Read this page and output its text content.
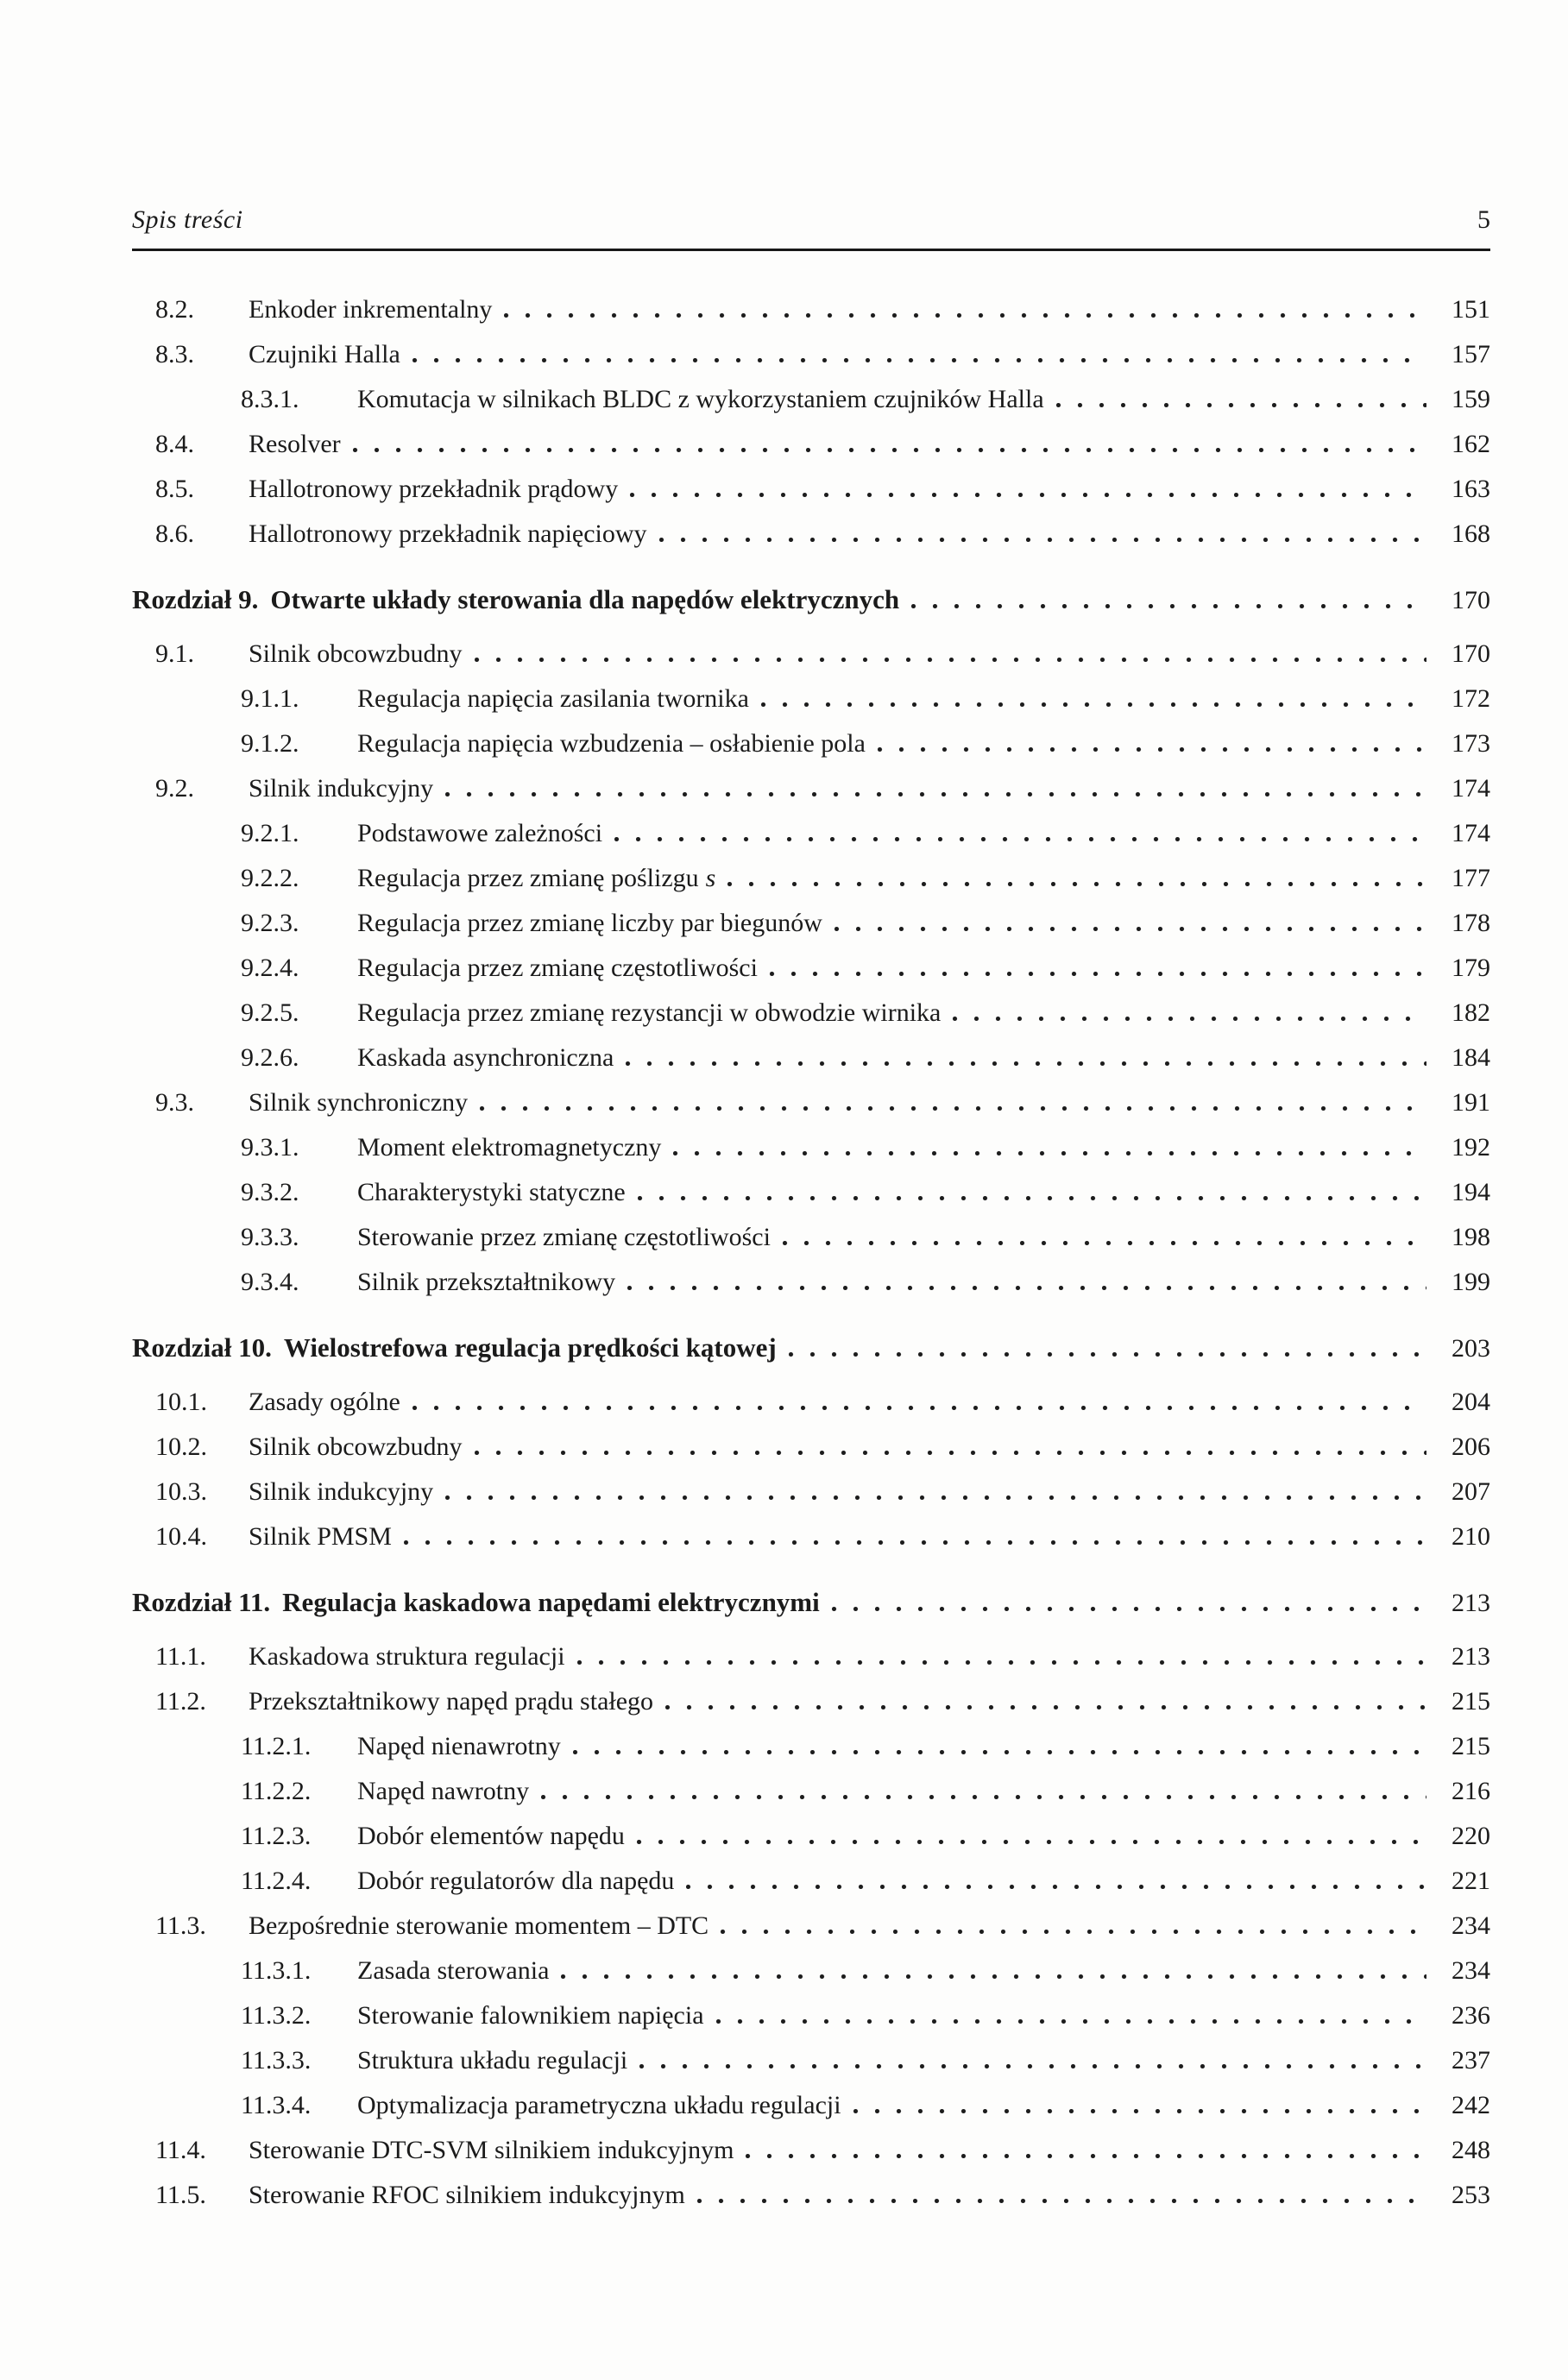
Spis treści	5
8.2.	Enkoder inkrementalny	151
8.3.	Czujniki Halla	157
8.3.1.	Komutacja w silnikach BLDC z wykorzystaniem czujników Halla	159
8.4.	Resolver	162
8.5.	Hallotronowy przekładnik prądowy	163
8.6.	Hallotronowy przekładnik napięciowy	168
Rozdział 9. Otwarte układy sterowania dla napędów elektrycznych	170
9.1.	Silnik obcowzbudny	170
9.1.1.	Regulacja napięcia zasilania twornika	172
9.1.2.	Regulacja napięcia wzbudzenia – osłabienie pola	173
9.2.	Silnik indukcyjny	174
9.2.1.	Podstawowe zależności	174
9.2.2.	Regulacja przez zmianę poślizgu s	177
9.2.3.	Regulacja przez zmianę liczby par biegunów	178
9.2.4.	Regulacja przez zmianę częstotliwości	179
9.2.5.	Regulacja przez zmianę rezystancji w obwodzie wirnika	182
9.2.6.	Kaskada asynchroniczna	184
9.3.	Silnik synchroniczny	191
9.3.1.	Moment elektromagnetyczny	192
9.3.2.	Charakterystyki statyczne	194
9.3.3.	Sterowanie przez zmianę częstotliwości	198
9.3.4.	Silnik przekształtnikowy	199
Rozdział 10. Wielostrefowa regulacja prędkości kątowej	203
10.1.	Zasady ogólne	204
10.2.	Silnik obcowzbudny	206
10.3.	Silnik indukcyjny	207
10.4.	Silnik PMSM	210
Rozdział 11. Regulacja kaskadowa napędami elektrycznymi	213
11.1.	Kaskadowa struktura regulacji	213
11.2.	Przekształtnikowy napęd prądu stałego	215
11.2.1.	Napęd nienawrotny	215
11.2.2.	Napęd nawrotny	216
11.2.3.	Dobór elementów napędu	220
11.2.4.	Dobór regulatorów dla napędu	221
11.3.	Bezpośrednie sterowanie momentem – DTC	234
11.3.1.	Zasada sterowania	234
11.3.2.	Sterowanie falownikiem napięcia	236
11.3.3.	Struktura układu regulacji	237
11.3.4.	Optymalizacja parametryczna układu regulacji	242
11.4.	Sterowanie DTC-SVM silnikiem indukcyjnym	248
11.5.	Sterowanie RFOC silnikiem indukcyjnym	253
